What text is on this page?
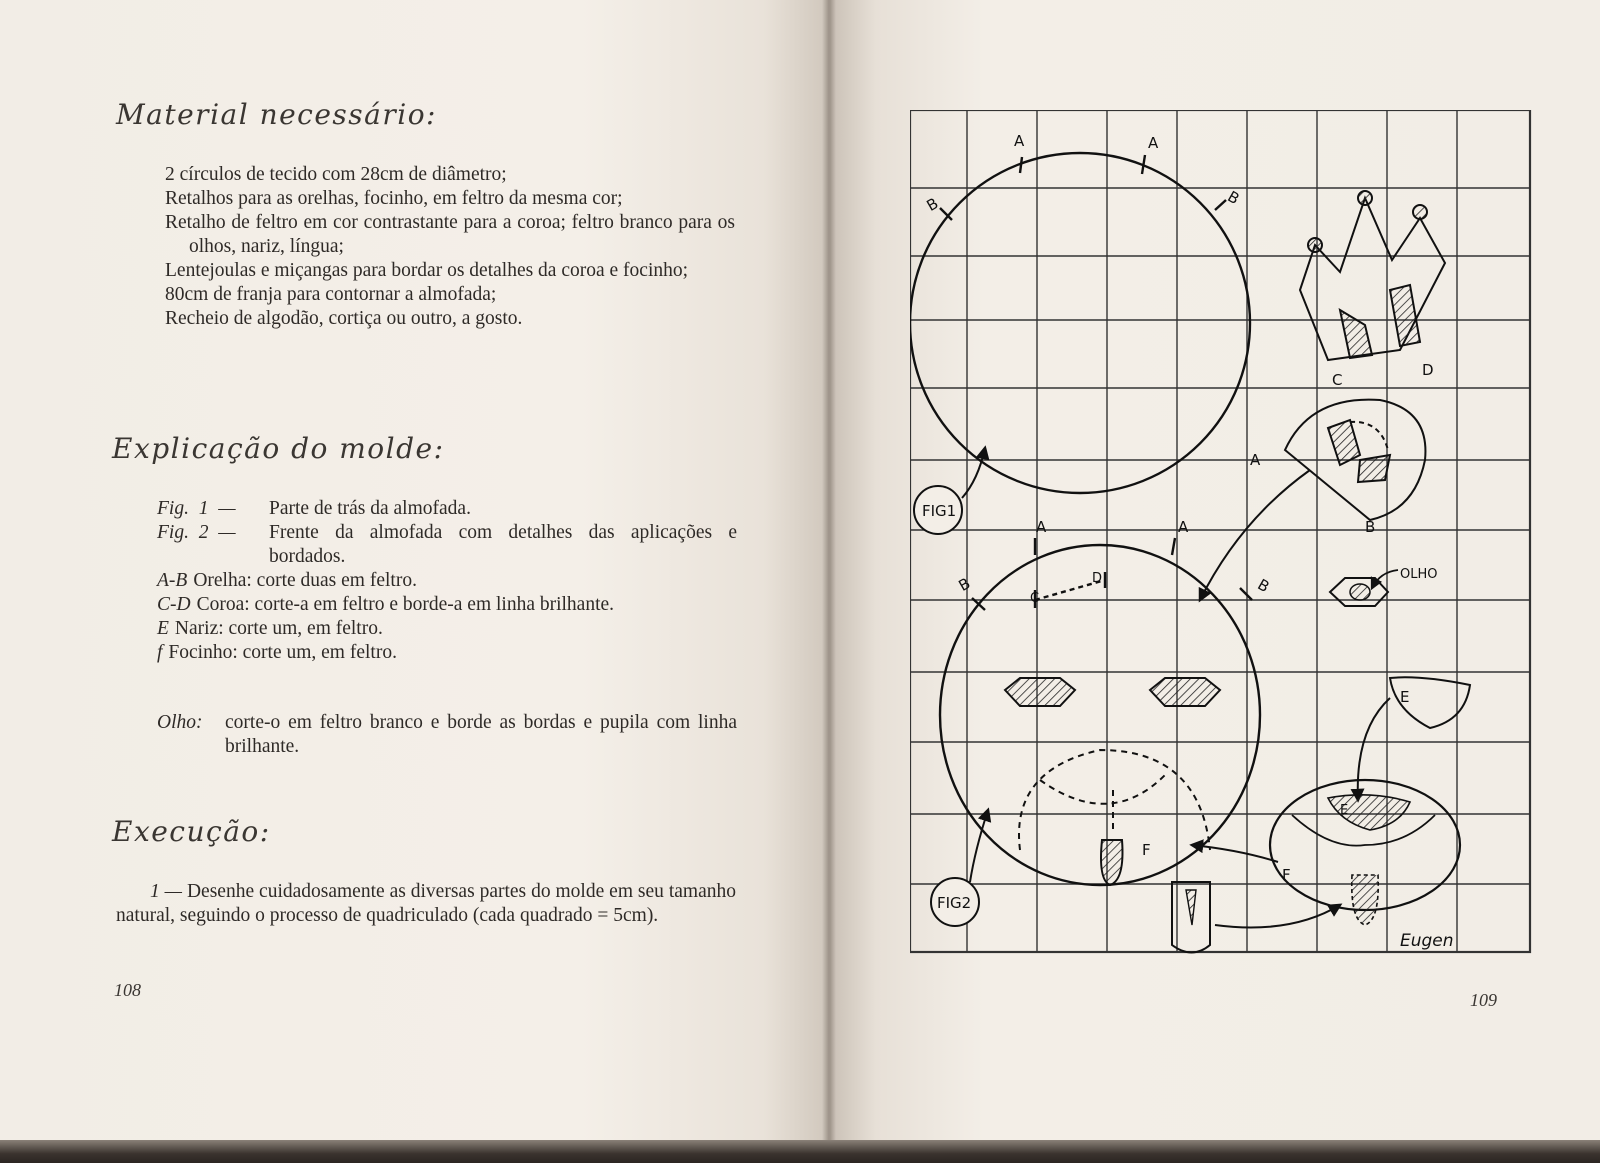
Material necessário:
2 círculos de tecido com 28cm de diâmetro;
Retalhos para as orelhas, focinho, em feltro da mesma cor;
Retalho de feltro em cor contrastante para a coroa; feltro branco para os olhos, nariz, língua;
Lentejoulas e miçangas para bordar os detalhes da coroa e focinho;
80cm de franja para contornar a almofada;
Recheio de algodão, cortiça ou outro, a gosto.
Explicação do molde:
Fig.  1  —	Parte de trás da almofada.
Fig.  2  —	Frente da almofada com detalhes das aplicações e bordados.
A-B Orelha: corte duas em feltro.
C-D Coroa: corte-a em feltro e borde-a em linha brilhante.
E Nariz: corte um, em feltro.
f Focinho: corte um, em feltro.
Olho:	corte-o em feltro branco e borde as bordas e pupila com linha brilhante.
Execução:

1 — Desenhe cuidadosamente as diversas partes do molde em seu tamanho natural, seguindo o processo de quadriculado (cada quadrado = 5cm).

108	109
A	A
B	B
FIG1
C
D
A
B
A	A
B	B
C
D
F
OLHO
E
E
F
FIG2
Eugen
